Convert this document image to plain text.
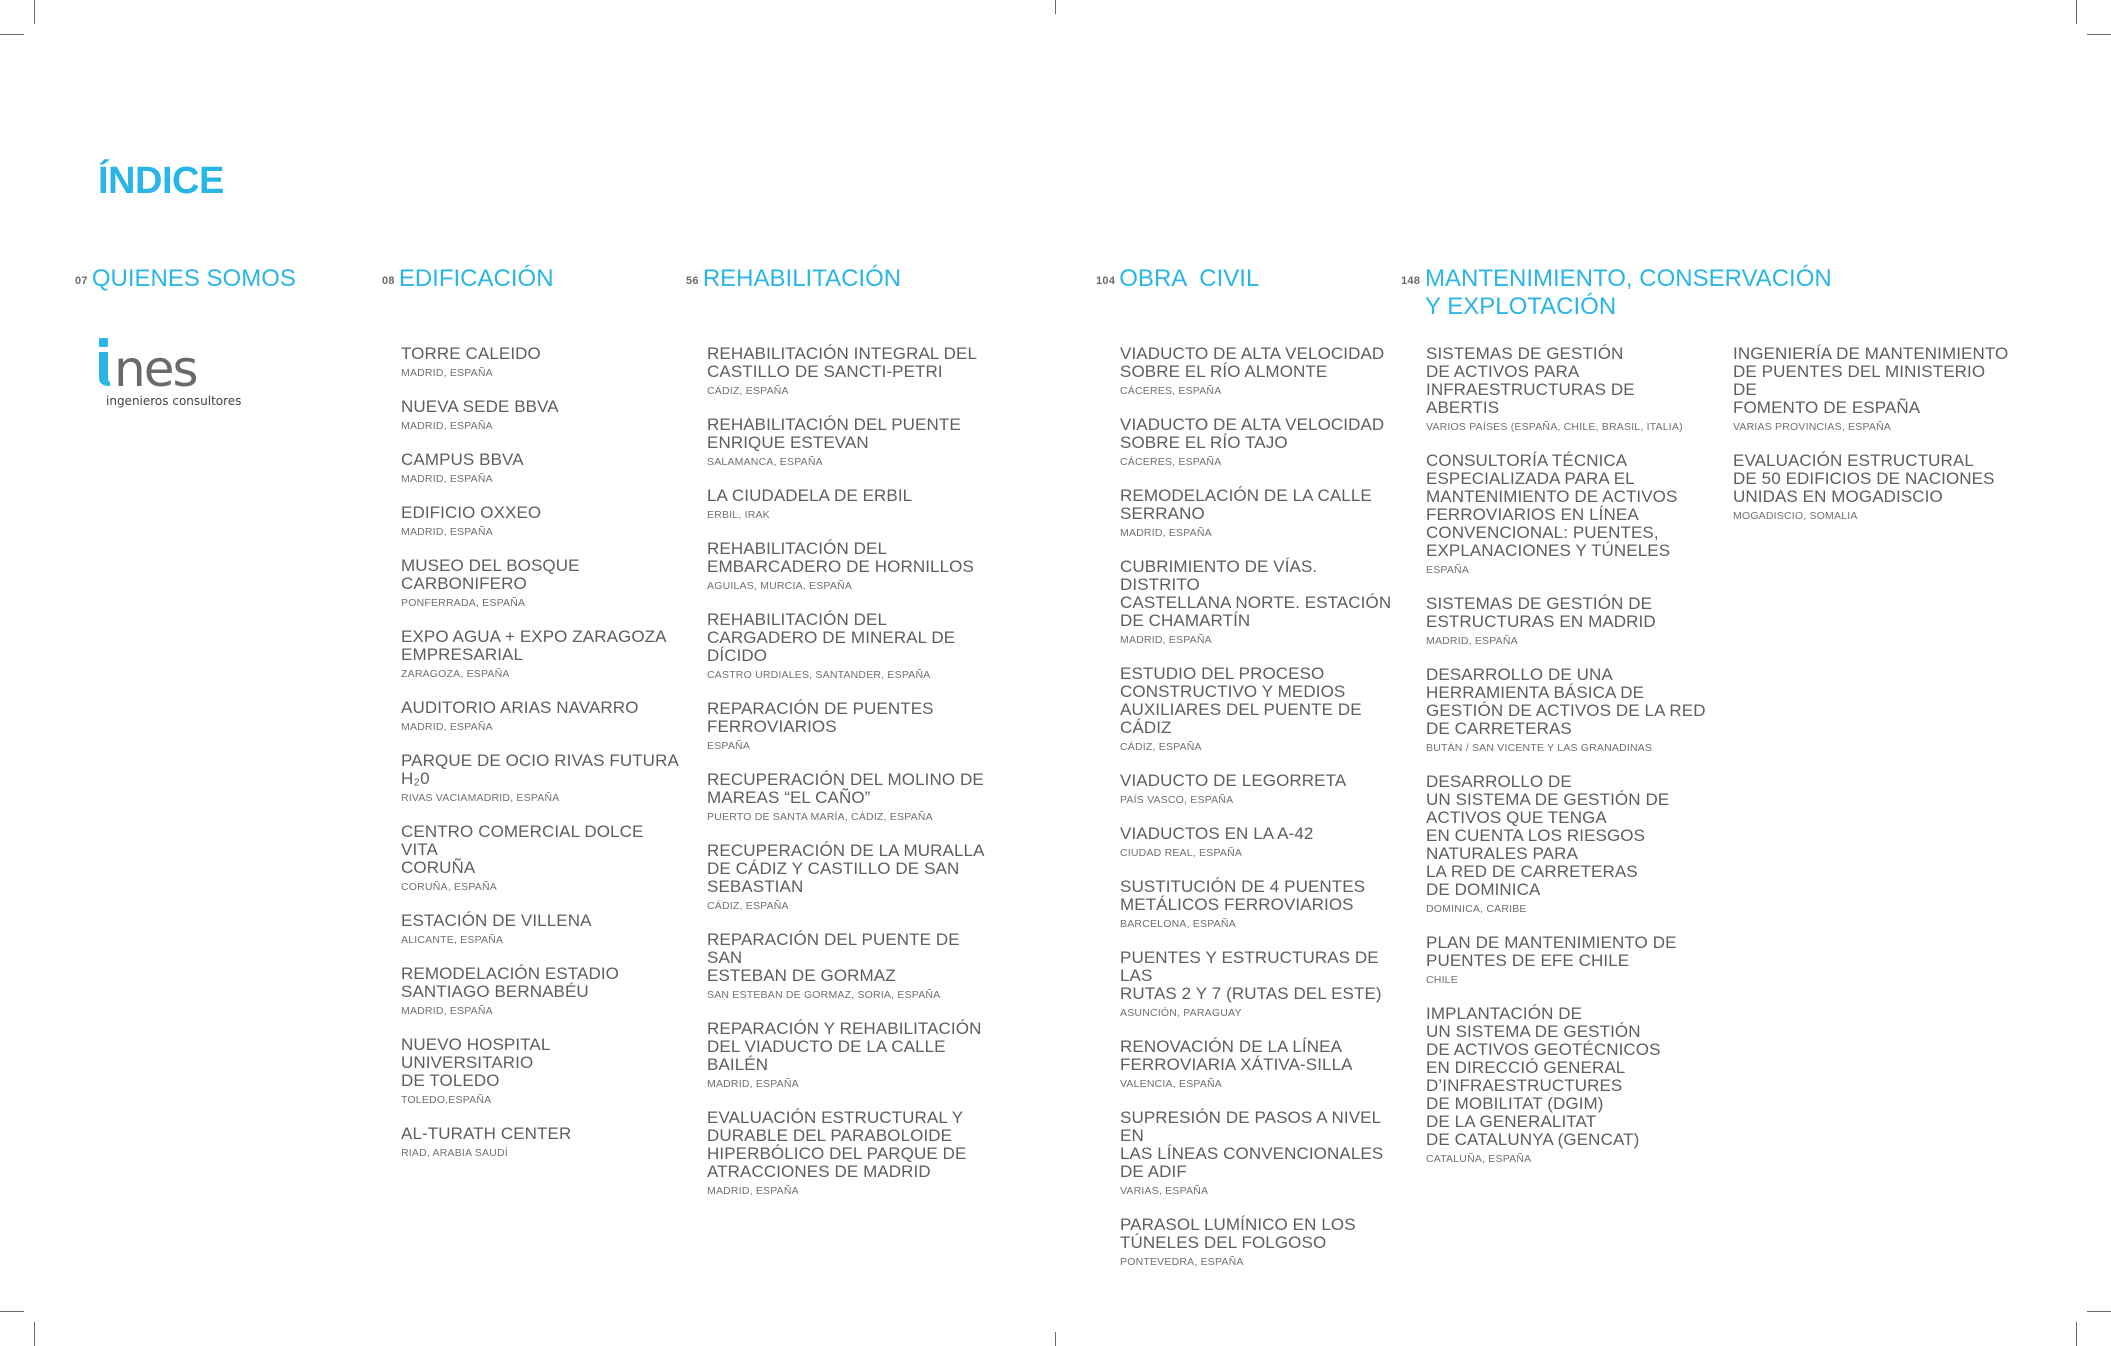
ÍNDICE
07 QUIENES SOMOS	08 EDIFICACIÓN	56 REHABILITACIÓN	104 OBRA  CIVIL	148 MANTENIMIENTO, CONSERVACIÓN
Y EXPLOTACIÓN
nes
ingenieros consultores
TORRE CALEIDO
MADRID, ESPAÑA
NUEVA SEDE BBVA
MADRID, ESPAÑA
CAMPUS BBVA
MADRID, ESPAÑA
EDIFICIO OXXEO
MADRID, ESPAÑA
MUSEO DEL BOSQUE
CARBONIFERO
PONFERRADA, ESPAÑA
EXPO AGUA + EXPO ZARAGOZA
EMPRESARIAL
ZARAGOZA, ESPAÑA
AUDITORIO ARIAS NAVARRO
MADRID, ESPAÑA
PARQUE DE OCIO RIVAS FUTURA
H₂0
RIVAS VACIAMADRID, ESPAÑA
CENTRO COMERCIAL DOLCE VITA
CORUÑA
CORUÑA, ESPAÑA
ESTACIÓN DE VILLENA
ALICANTE, ESPAÑA
REMODELACIÓN ESTADIO
SANTIAGO BERNABÉU
MADRID, ESPAÑA
NUEVO HOSPITAL UNIVERSITARIO
DE TOLEDO
TOLEDO,ESPAÑA
AL-TURATH CENTER
RIAD, ARABIA SAUDÍ
REHABILITACIÓN INTEGRAL DEL
CASTILLO DE SANCTI-PETRI
CÁDIZ, ESPAÑA
REHABILITACIÓN DEL PUENTE
ENRIQUE ESTEVAN
SALAMANCA, ESPAÑA
LA CIUDADELA DE ERBIL
ERBIL, IRAK
REHABILITACIÓN DEL
EMBARCADERO DE HORNILLOS
AGUILAS, MURCIA, ESPAÑA
REHABILITACIÓN DEL
CARGADERO DE MINERAL DE
DÍCIDO
CASTRO URDIALES, SANTANDER, ESPAÑA
REPARACIÓN DE PUENTES
FERROVIARIOS
ESPAÑA
RECUPERACIÓN DEL MOLINO DE
MAREAS “EL CAÑO”
PUERTO DE SANTA MARÍA, CÁDIZ, ESPAÑA
RECUPERACIÓN DE LA MURALLA
DE CÁDIZ Y CASTILLO DE SAN
SEBASTIAN
CÁDIZ, ESPAÑA
REPARACIÓN DEL PUENTE DE SAN
ESTEBAN DE GORMAZ
SAN ESTEBAN DE GORMAZ, SORIA, ESPAÑA
REPARACIÓN Y REHABILITACIÓN
DEL VIADUCTO DE LA CALLE
BAILÉN
MADRID, ESPAÑA
EVALUACIÓN ESTRUCTURAL Y
DURABLE DEL PARABOLOIDE
HIPERBÓLICO DEL PARQUE DE
ATRACCIONES DE MADRID
MADRID, ESPAÑA
VIADUCTO DE ALTA VELOCIDAD
SOBRE EL RÍO ALMONTE
CÁCERES, ESPAÑA
VIADUCTO DE ALTA VELOCIDAD
SOBRE EL RÍO TAJO
CÁCERES, ESPAÑA
REMODELACIÓN DE LA CALLE
SERRANO
MADRID, ESPAÑA
CUBRIMIENTO DE VÍAS. DISTRITO
CASTELLANA NORTE. ESTACIÓN
DE CHAMARTÍN
MADRID, ESPAÑA
ESTUDIO DEL PROCESO
CONSTRUCTIVO Y MEDIOS
AUXILIARES DEL PUENTE DE
CÁDIZ
CÁDIZ, ESPAÑA
VIADUCTO DE LEGORRETA
PAÍS VASCO, ESPAÑA
VIADUCTOS EN LA A-42
CIUDAD REAL, ESPAÑA
SUSTITUCIÓN DE 4 PUENTES
METÁLICOS FERROVIARIOS
BARCELONA, ESPAÑA
PUENTES Y ESTRUCTURAS DE LAS
RUTAS 2 Y 7 (RUTAS DEL ESTE)
ASUNCIÓN, PARAGUAY
RENOVACIÓN DE LA LÍNEA
FERROVIARIA XÁTIVA-SILLA
VALENCIA, ESPAÑA
SUPRESIÓN DE PASOS A NIVEL EN
LAS LÍNEAS CONVENCIONALES
DE ADIF
VARIAS, ESPAÑA
PARASOL LUMÍNICO EN LOS
TÚNELES DEL FOLGOSO
PONTEVEDRA, ESPAÑA
SISTEMAS DE GESTIÓN
DE ACTIVOS PARA
INFRAESTRUCTURAS DE ABERTIS
VARIOS PAÍSES (ESPAÑA, CHILE, BRASIL, ITALIA)
CONSULTORÍA TÉCNICA
ESPECIALIZADA PARA EL
MANTENIMIENTO DE ACTIVOS
FERROVIARIOS EN LÍNEA
CONVENCIONAL: PUENTES,
EXPLANACIONES Y TÚNELES
ESPAÑA
SISTEMAS DE GESTIÓN DE
ESTRUCTURAS EN MADRID
MADRID, ESPAÑA
DESARROLLO DE UNA
HERRAMIENTA BÁSICA DE
GESTIÓN DE ACTIVOS DE LA RED
DE CARRETERAS
BUTÁN / SAN VICENTE Y LAS GRANADINAS
DESARROLLO DE
UN SISTEMA DE GESTIÓN DE
ACTIVOS QUE TENGA
EN CUENTA LOS RIESGOS
NATURALES PARA
LA RED DE CARRETERAS
DE DOMINICA
DOMINICA, CARIBE
PLAN DE MANTENIMIENTO DE
PUENTES DE EFE CHILE
CHILE
IMPLANTACIÓN DE
UN SISTEMA DE GESTIÓN
DE ACTIVOS GEOTÉCNICOS
EN DIRECCIÓ GENERAL
D’INFRAESTRUCTURES
DE MOBILITAT (DGIM)
DE LA GENERALITAT
DE CATALUNYA (GENCAT)
CATALUÑA, ESPAÑA
INGENIERÍA DE MANTENIMIENTO
DE PUENTES DEL MINISTERIO DE
FOMENTO DE ESPAÑA
VARIAS PROVINCIAS, ESPAÑA
EVALUACIÓN ESTRUCTURAL
DE 50 EDIFICIOS DE NACIONES
UNIDAS EN MOGADISCIO
MOGADISCIO, SOMALIA
